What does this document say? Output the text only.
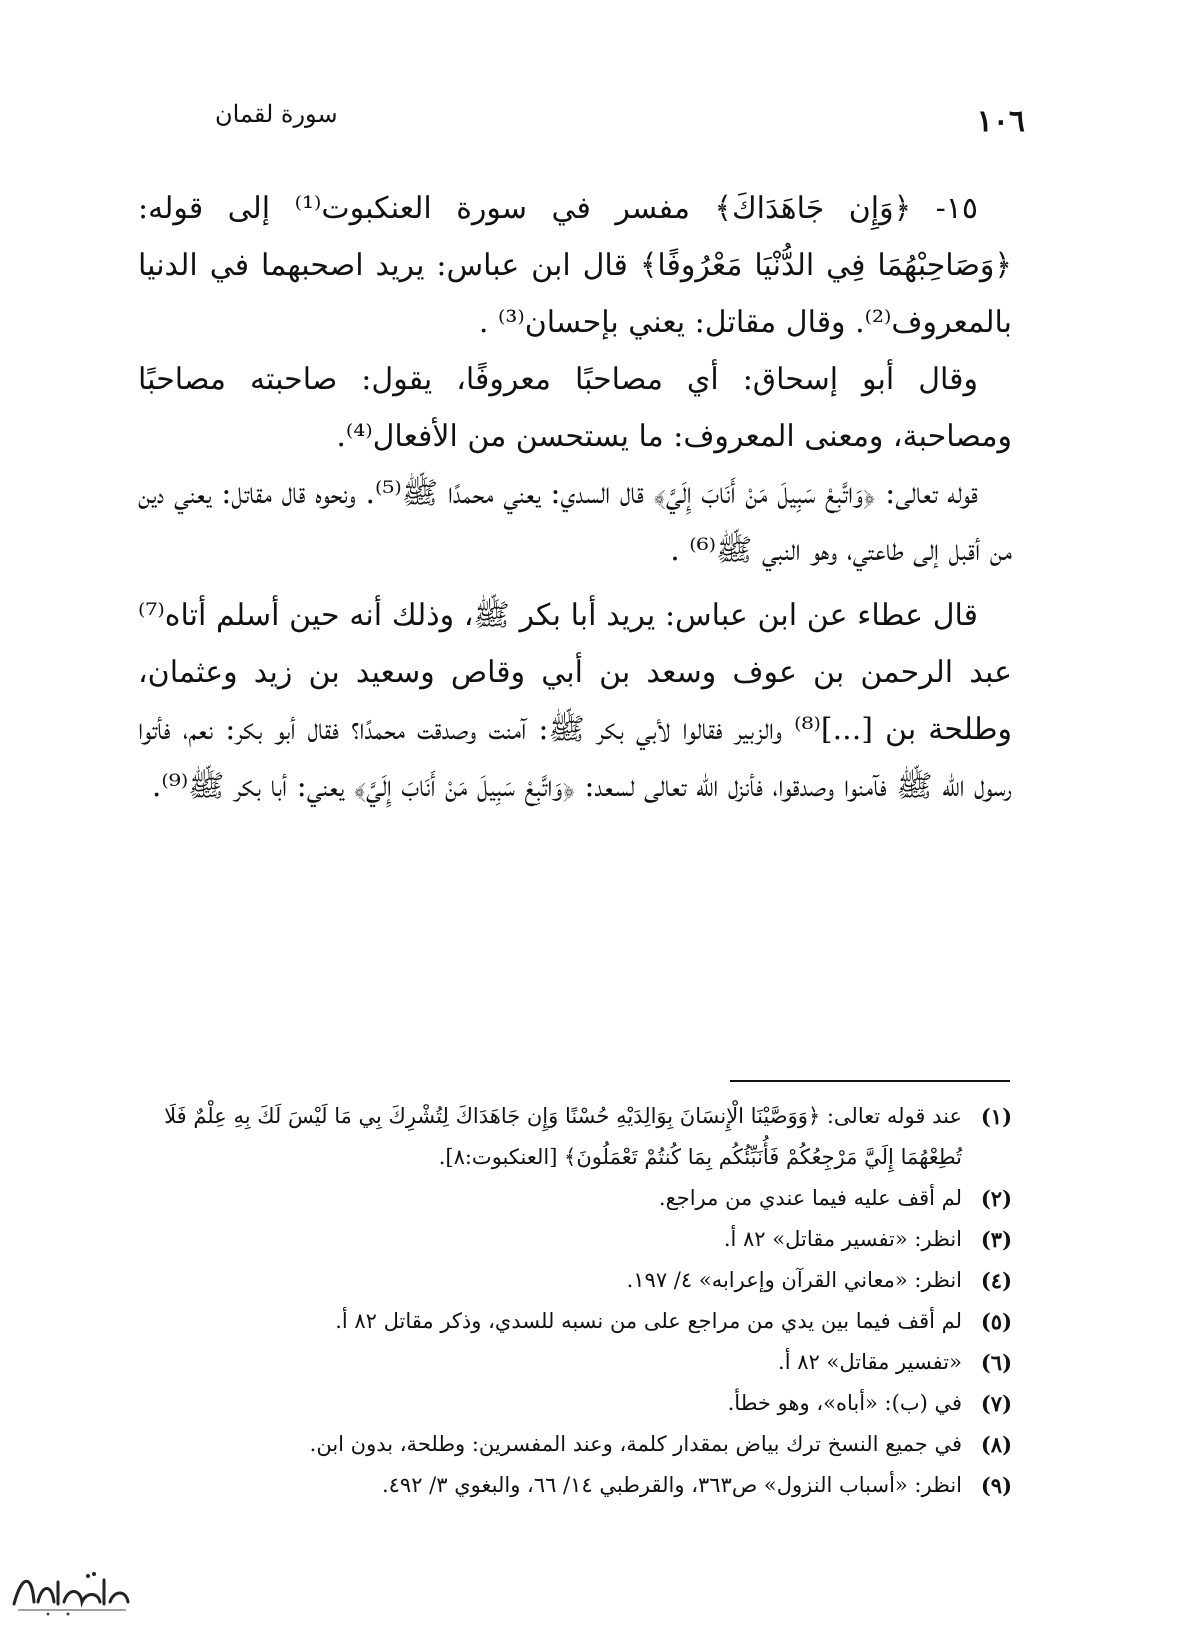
١٠٦
سورة لقمان

١٥- ﴿وَإِن جَاهَدَاكَ﴾ مفسر في سورة العنكبوت⁽¹⁾ إلى قوله: ﴿وَصَاحِبْهُمَا فِي الدُّنْيَا مَعْرُوفًا﴾ قال ابن عباس: يريد اصحبهما في الدنيا بالمعروف⁽²⁾. وقال مقاتل: يعني بإحسان⁽³⁾ .

وقال أبو إسحاق: أي مصاحبًا معروفًا، يقول: صاحبته مصاحبًا ومصاحبة، ومعنى المعروف: ما يستحسن من الأفعال⁽⁴⁾.

قوله تعالى: ﴿وَاتَّبِعْ سَبِيلَ مَنْ أَنَابَ إِلَيَّ﴾ قال السدي: يعني محمدًا ﷺ⁽⁵⁾. ونحوه قال مقاتل: يعني دين من أقبل إلى طاعتي، وهو النبي ﷺ⁽⁶⁾ .

قال عطاء عن ابن عباس: يريد أبا بكر ﷺ، وذلك أنه حين أسلم أتاه⁽⁷⁾ عبد الرحمن بن عوف وسعد بن أبي وقاص وسعيد بن زيد وعثمان، وطلحة بن [...]⁽⁸⁾ والزبير فقالوا لأبي بكر ﷺ: آمنت وصدقت محمدًا؟ فقال أبو بكر: نعم، فأتوا رسول الله ﷺ فآمنوا وصدقوا، فأنزل الله تعالى لسعد: ﴿وَاتَّبِعْ سَبِيلَ مَنْ أَنَابَ إِلَيَّ﴾ يعني: أبا بكر ﷺ⁽⁹⁾.

(١)
عند قوله تعالى: ﴿وَوَصَّيْنَا الْإِنسَانَ بِوَالِدَيْهِ حُسْنًا وَإِن جَاهَدَاكَ لِتُشْرِكَ بِي مَا لَيْسَ لَكَ بِهِ عِلْمٌ فَلَا تُطِعْهُمَا إِلَيَّ مَرْجِعُكُمْ فَأُنَبِّئُكُم بِمَا كُنتُمْ تَعْمَلُونَ﴾ [العنكبوت:٨].
(٢)
لم أقف عليه فيما عندي من مراجع.
(٣)
انظر: «تفسير مقاتل» ٨٢ أ.
(٤)
انظر: «معاني القرآن وإعرابه» ٤/ ١٩٧.
(٥)
لم أقف فيما بين يدي من مراجع على من نسبه للسدي، وذكر مقاتل ٨٢ أ.
(٦)
«تفسير مقاتل» ٨٢ أ.
(٧)
في (ب): «أباه»، وهو خطأ.
(٨)
في جميع النسخ ترك بياض بمقدار كلمة، وعند المفسرين: وطلحة، بدون ابن.
(٩)
انظر: «أسباب النزول» ص٣٦٣، والقرطبي ١٤/ ٦٦، والبغوي ٣/ ٤٩٢.
